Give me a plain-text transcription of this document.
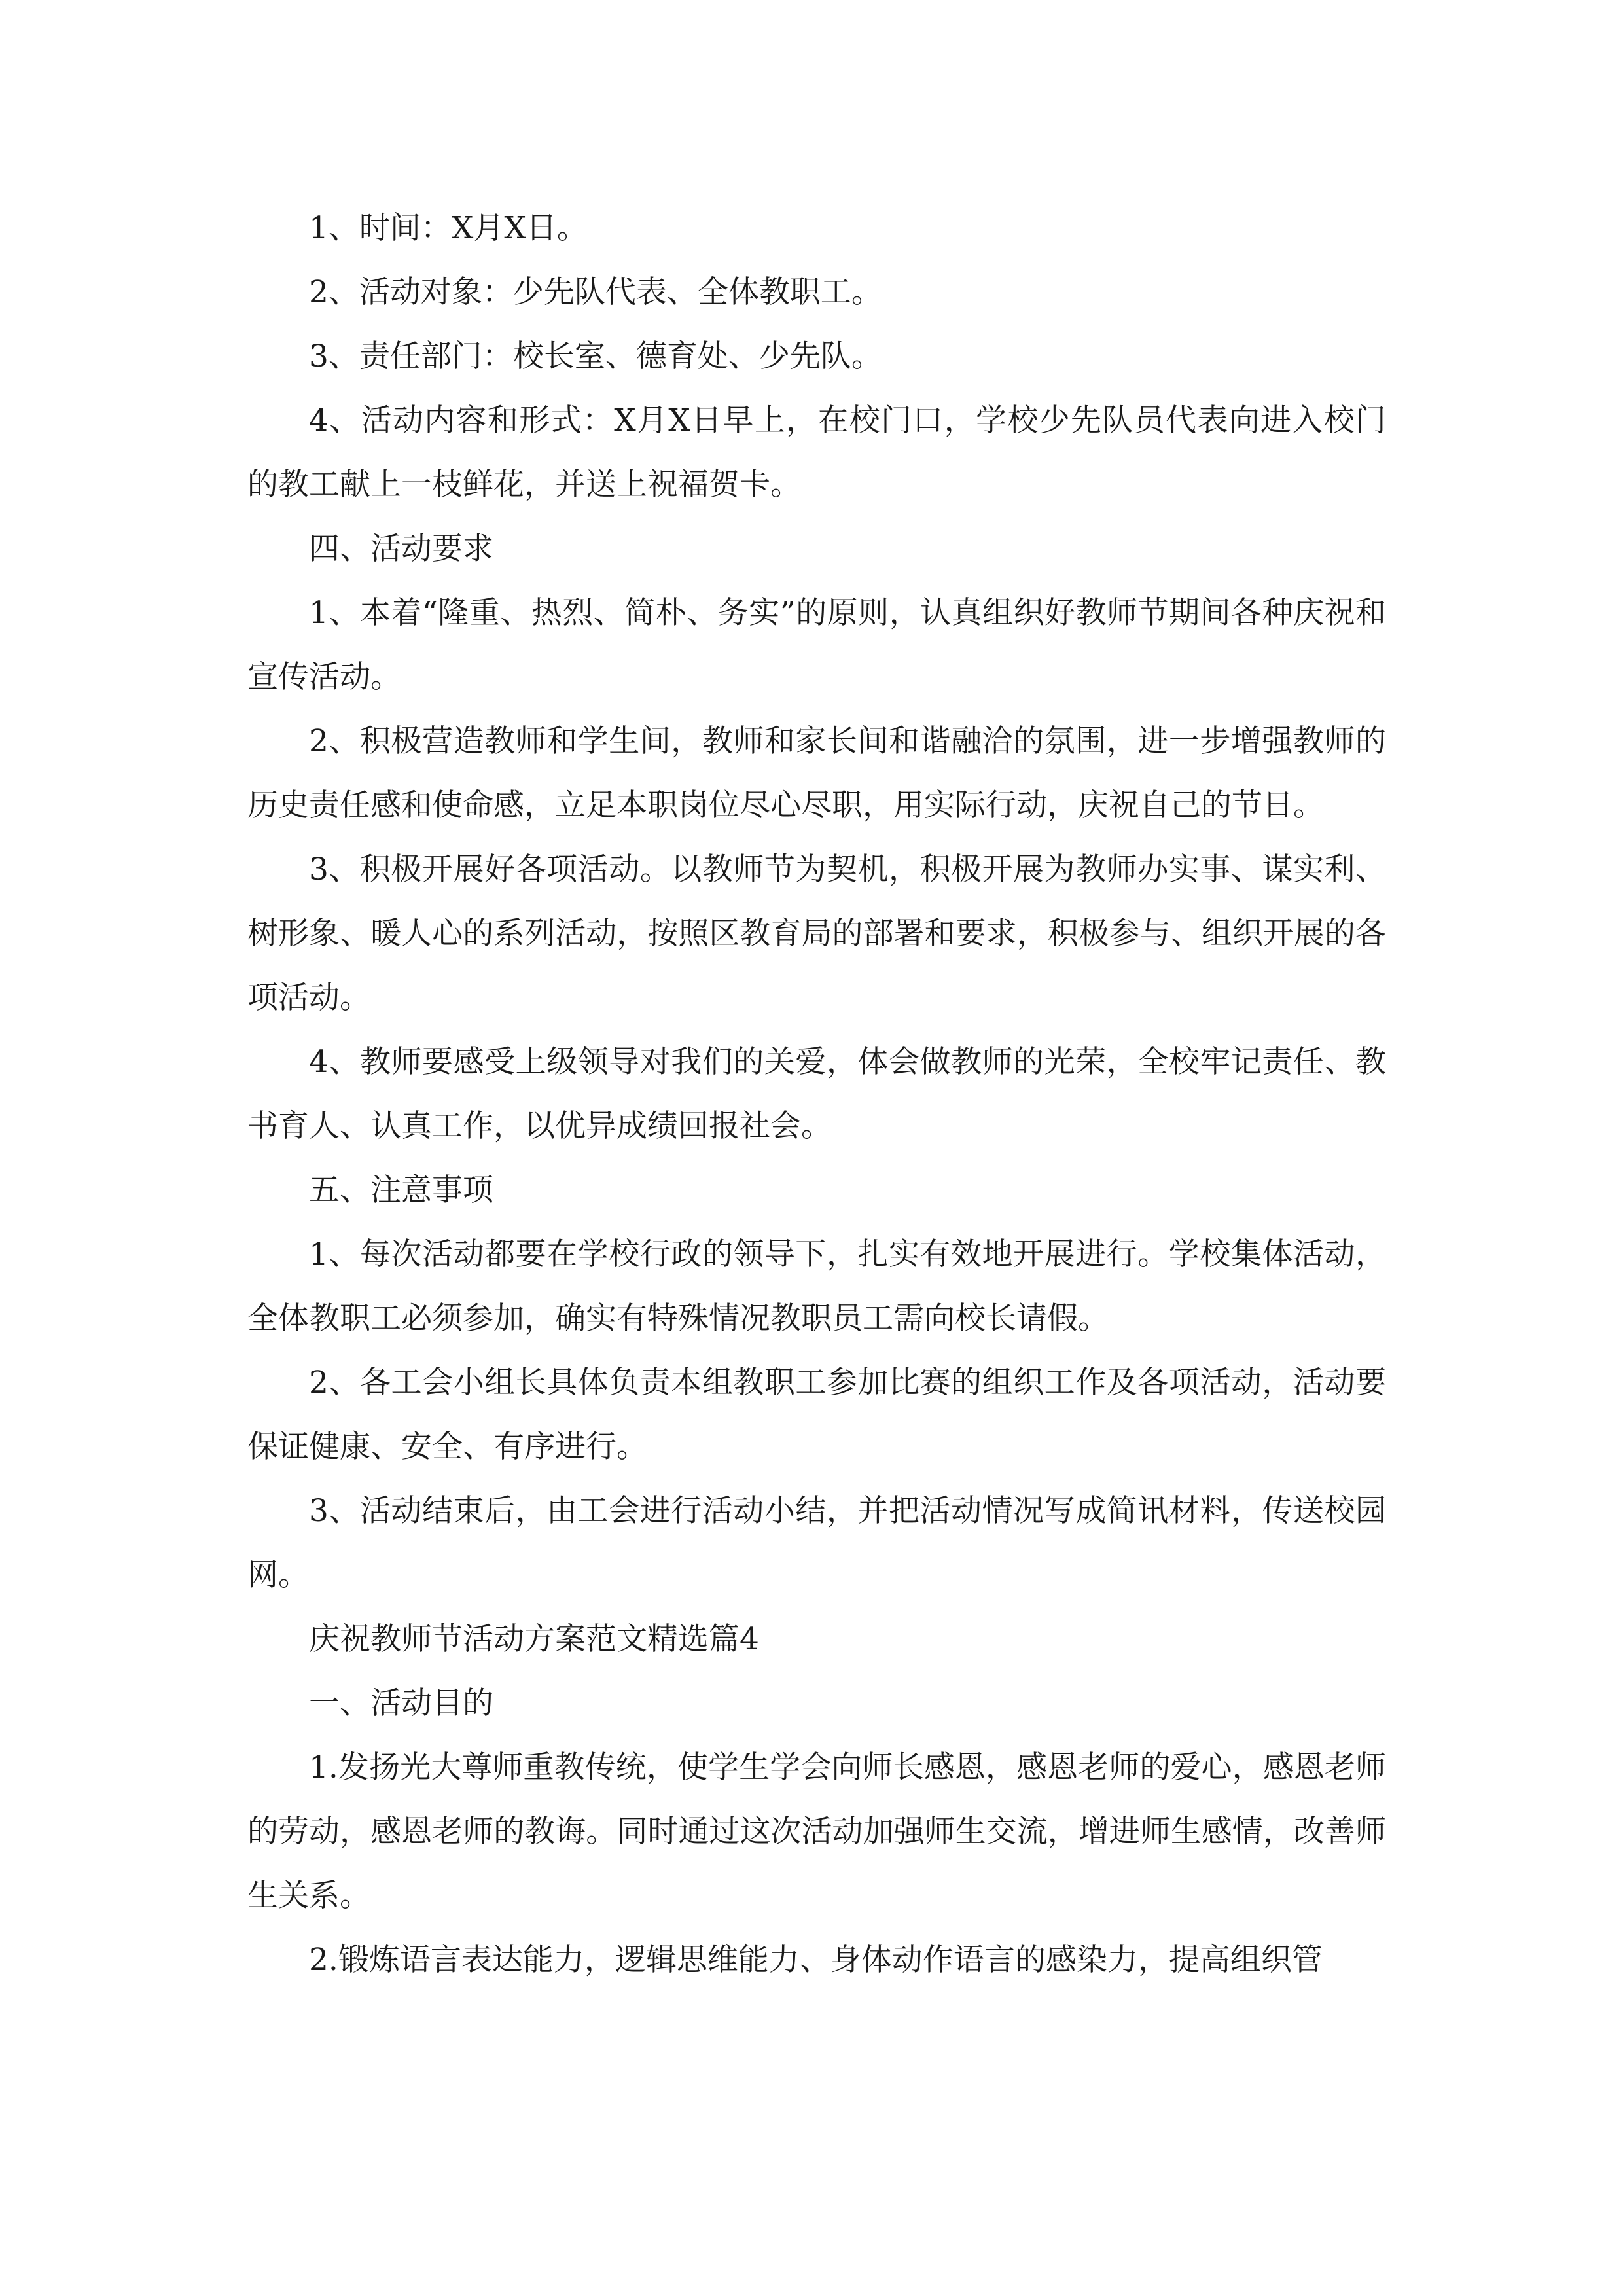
1、时间：X月X日。

2、活动对象：少先队代表、全体教职工。

3、责任部门：校长室、德育处、少先队。

4、活动内容和形式：X月X日早上，在校门口，学校少先队员代表向进入校门的教工献上一枝鲜花，并送上祝福贺卡。

四、活动要求

1、本着“隆重、热烈、简朴、务实”的原则，认真组织好教师节期间各种庆祝和宣传活动。

2、积极营造教师和学生间，教师和家长间和谐融洽的氛围，进一步增强教师的历史责任感和使命感，立足本职岗位尽心尽职，用实际行动，庆祝自己的节日。

3、积极开展好各项活动。以教师节为契机，积极开展为教师办实事、谋实利、树形象、暖人心的系列活动，按照区教育局的部署和要求，积极参与、组织开展的各项活动。

4、教师要感受上级领导对我们的关爱，体会做教师的光荣，全校牢记责任、教书育人、认真工作，以优异成绩回报社会。

五、注意事项

1、每次活动都要在学校行政的领导下，扎实有效地开展进行。学校集体活动，全体教职工必须参加，确实有特殊情况教职员工需向校长请假。

2、各工会小组长具体负责本组教职工参加比赛的组织工作及各项活动，活动要保证健康、安全、有序进行。

3、活动结束后，由工会进行活动小结，并把活动情况写成简讯材料，传送校园网。

庆祝教师节活动方案范文精选篇4

一、活动目的

1.发扬光大尊师重教传统，使学生学会向师长感恩，感恩老师的爱心，感恩老师的劳动，感恩老师的教诲。同时通过这次活动加强师生交流，增进师生感情，改善师生关系。

2.锻炼语言表达能力，逻辑思维能力、身体动作语言的感染力，提高组织管
